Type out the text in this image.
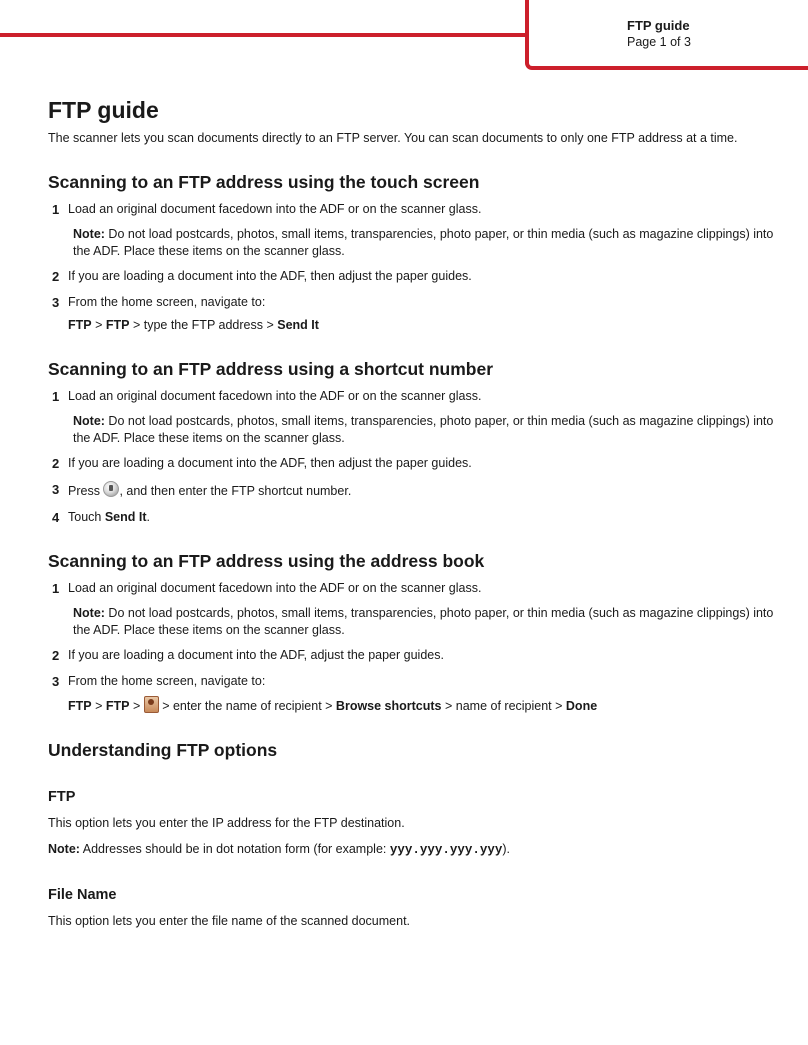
FTP guide
Page 1 of 3
FTP guide

The scanner lets you scan documents directly to an FTP server. You can scan documents to only one FTP address at a time.

Scanning to an FTP address using the touch screen
1 Load an original document facedown into the ADF or on the scanner glass.
Note: Do not load postcards, photos, small items, transparencies, photo paper, or thin media (such as magazine clippings) into the ADF. Place these items on the scanner glass.
2 If you are loading a document into the ADF, then adjust the paper guides.
3 From the home screen, navigate to:
FTP > FTP > type the FTP address > Send It
Scanning to an FTP address using a shortcut number
1 Load an original document facedown into the ADF or on the scanner glass.
Note: Do not load postcards, photos, small items, transparencies, photo paper, or thin media (such as magazine clippings) into the ADF. Place these items on the scanner glass.
2 If you are loading a document into the ADF, then adjust the paper guides.
3 Press , and then enter the FTP shortcut number.
4 Touch Send It.
Scanning to an FTP address using the address book
1 Load an original document facedown into the ADF or on the scanner glass.
Note: Do not load postcards, photos, small items, transparencies, photo paper, or thin media (such as magazine clippings) into the ADF. Place these items on the scanner glass.
2 If you are loading a document into the ADF, adjust the paper guides.
3 From the home screen, navigate to:
FTP > FTP >  > enter the name of recipient > Browse shortcuts > name of recipient > Done
Understanding FTP options
FTP

This option lets you enter the IP address for the FTP destination.

Note: Addresses should be in dot notation form (for example: yyy.yyy.yyy.yyy).

File Name

This option lets you enter the file name of the scanned document.
